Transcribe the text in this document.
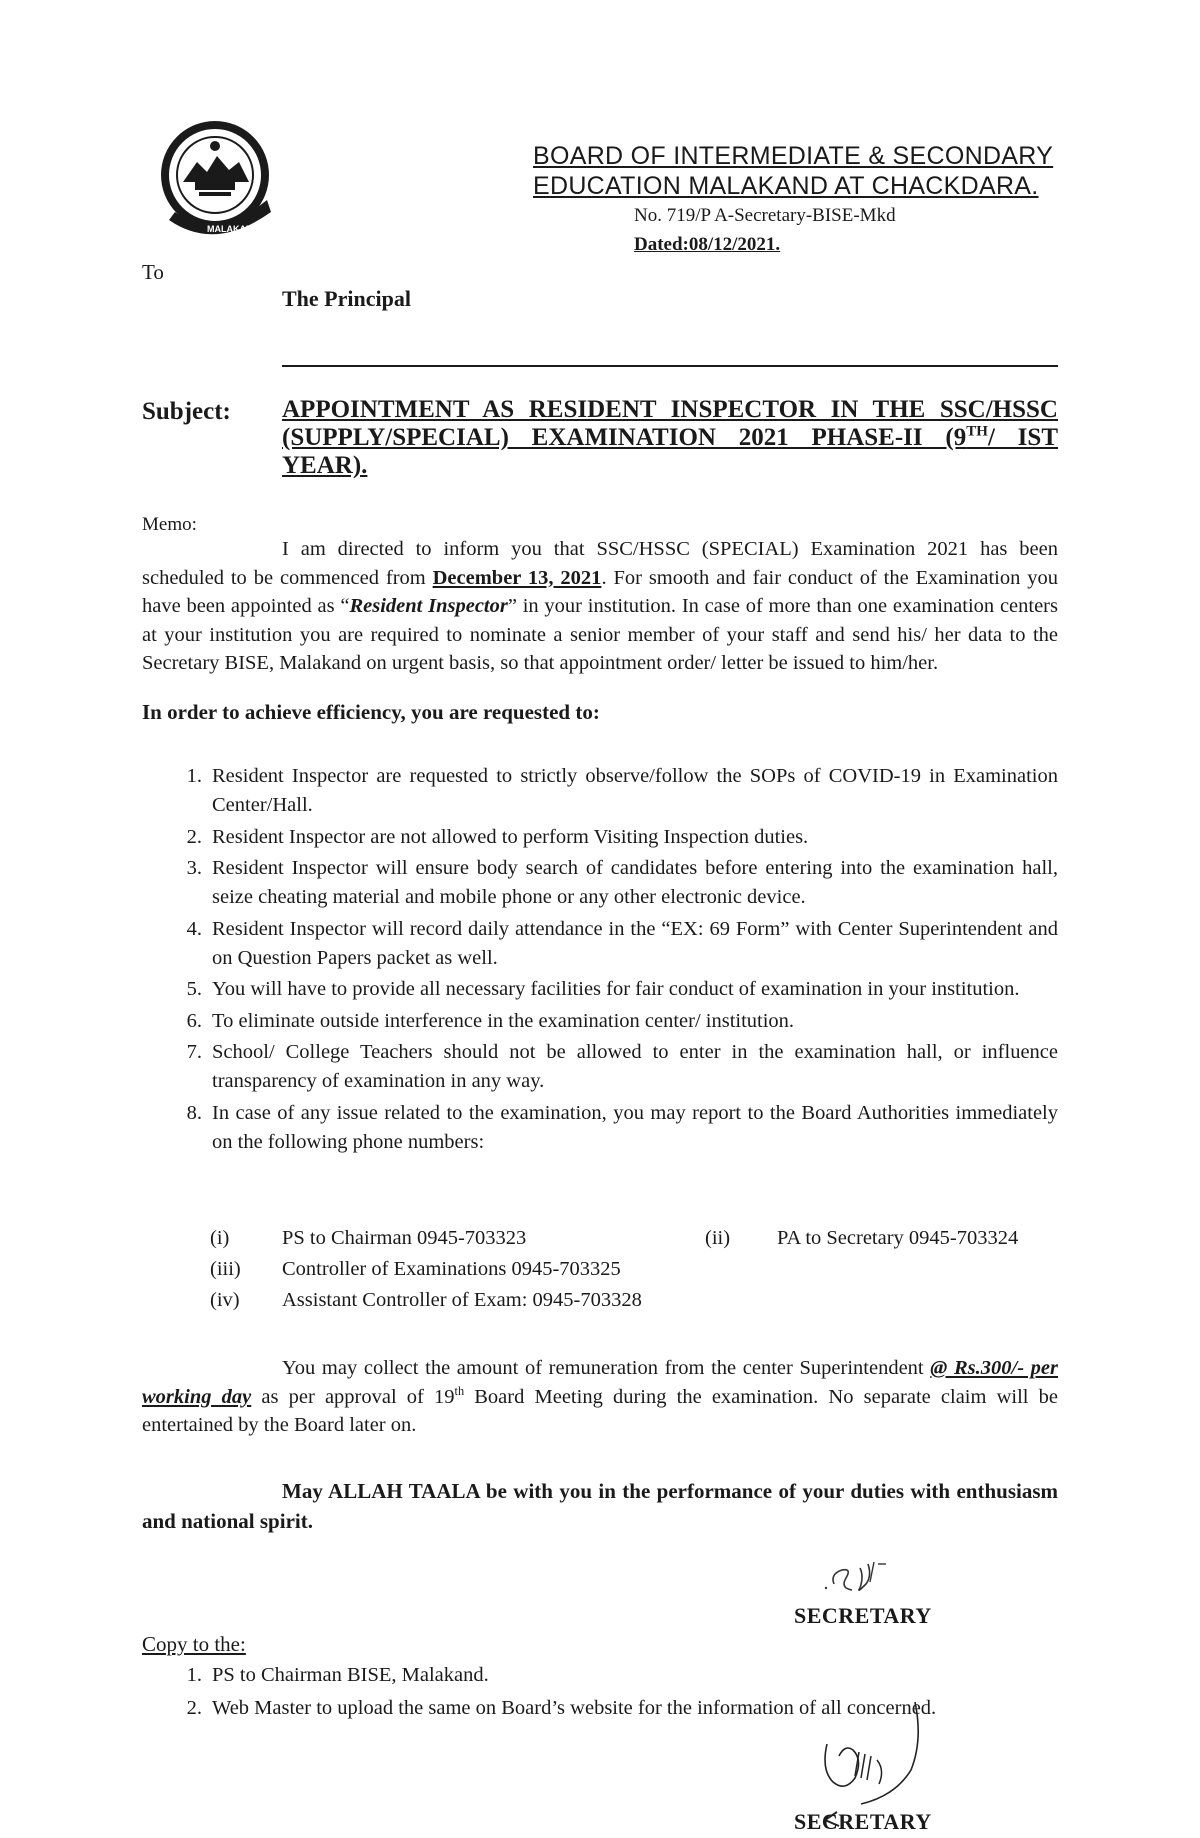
MALAKAND
BOARD OF INTERMEDIATE & SECONDARY
EDUCATION MALAKAND AT CHACKDARA.
No. 719/P A-Secretary-BISE-Mkd
Dated:08/12/2021.
To
The Principal
Subject: APPOINTMENT AS RESIDENT INSPECTOR IN THE SSC/HSSC (SUPPLY/SPECIAL) EXAMINATION 2021 PHASE-II (9TH/ IST YEAR).
Memo:
I am directed to inform you that SSC/HSSC (SPECIAL) Examination 2021 has been scheduled to be commenced from December 13, 2021. For smooth and fair conduct of the Examination you have been appointed as “Resident Inspector” in your institution. In case of more than one examination centers at your institution you are required to nominate a senior member of your staff and send his/ her data to the Secretary BISE, Malakand on urgent basis, so that appointment order/ letter be issued to him/her.
In order to achieve efficiency, you are requested to:
1. Resident Inspector are requested to strictly observe/follow the SOPs of COVID-19 in Examination Center/Hall.
2. Resident Inspector are not allowed to perform Visiting Inspection duties.
3. Resident Inspector will ensure body search of candidates before entering into the examination hall, seize cheating material and mobile phone or any other electronic device.
4. Resident Inspector will record daily attendance in the “EX: 69 Form” with Center Superintendent and on Question Papers packet as well.
5. You will have to provide all necessary facilities for fair conduct of examination in your institution.
6. To eliminate outside interference in the examination center/ institution.
7. School/ College Teachers should not be allowed to enter in the examination hall, or influence transparency of examination in any way.
8. In case of any issue related to the examination, you may report to the Board Authorities immediately on the following phone numbers:
(i)	PS to Chairman 0945-703323	(ii) PA to Secretary 0945-703324
(iii) Controller of Examinations 0945-703325
(iv) Assistant Controller of Exam: 0945-703328
You may collect the amount of remuneration from the center Superintendent @ Rs.300/- per working day as per approval of 19th Board Meeting during the examination. No separate claim will be entertained by the Board later on.
May ALLAH TAALA be with you in the performance of your duties with enthusiasm and national spirit.
SECRETARY
Copy to the:
1. PS to Chairman BISE, Malakand.
2. Web Master to upload the same on Board’s website for the information of all concerned.
SECRETARY
